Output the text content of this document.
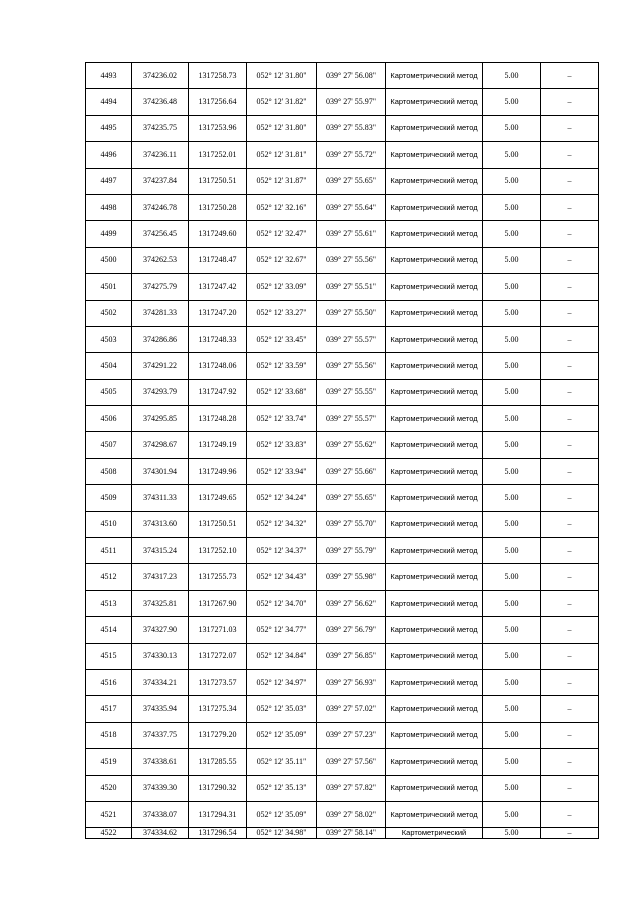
4493	374236.02	1317258.73	052° 12' 31.80"	039° 27' 56.08"	Картометрический метод	5.00	–
4494	374236.48	1317256.64	052° 12' 31.82"	039° 27' 55.97"	Картометрический метод	5.00	–
4495	374235.75	1317253.96	052° 12' 31.80"	039° 27' 55.83"	Картометрический метод	5.00	–
4496	374236.11	1317252.01	052° 12' 31.81"	039° 27' 55.72"	Картометрический метод	5.00	–
4497	374237.84	1317250.51	052° 12' 31.87"	039° 27' 55.65"	Картометрический метод	5.00	–
4498	374246.78	1317250.28	052° 12' 32.16"	039° 27' 55.64"	Картометрический метод	5.00	–
4499	374256.45	1317249.60	052° 12' 32.47"	039° 27' 55.61"	Картометрический метод	5.00	–
4500	374262.53	1317248.47	052° 12' 32.67"	039° 27' 55.56"	Картометрический метод	5.00	–
4501	374275.79	1317247.42	052° 12' 33.09"	039° 27' 55.51"	Картометрический метод	5.00	–
4502	374281.33	1317247.20	052° 12' 33.27"	039° 27' 55.50"	Картометрический метод	5.00	–
4503	374286.86	1317248.33	052° 12' 33.45"	039° 27' 55.57"	Картометрический метод	5.00	–
4504	374291.22	1317248.06	052° 12' 33.59"	039° 27' 55.56"	Картометрический метод	5.00	–
4505	374293.79	1317247.92	052° 12' 33.68"	039° 27' 55.55"	Картометрический метод	5.00	–
4506	374295.85	1317248.28	052° 12' 33.74"	039° 27' 55.57"	Картометрический метод	5.00	–
4507	374298.67	1317249.19	052° 12' 33.83"	039° 27' 55.62"	Картометрический метод	5.00	–
4508	374301.94	1317249.96	052° 12' 33.94"	039° 27' 55.66"	Картометрический метод	5.00	–
4509	374311.33	1317249.65	052° 12' 34.24"	039° 27' 55.65"	Картометрический метод	5.00	–
4510	374313.60	1317250.51	052° 12' 34.32"	039° 27' 55.70"	Картометрический метод	5.00	–
4511	374315.24	1317252.10	052° 12' 34.37"	039° 27' 55.79"	Картометрический метод	5.00	–
4512	374317.23	1317255.73	052° 12' 34.43"	039° 27' 55.98"	Картометрический метод	5.00	–
4513	374325.81	1317267.90	052° 12' 34.70"	039° 27' 56.62"	Картометрический метод	5.00	–
4514	374327.90	1317271.03	052° 12' 34.77"	039° 27' 56.79"	Картометрический метод	5.00	–
4515	374330.13	1317272.07	052° 12' 34.84"	039° 27' 56.85"	Картометрический метод	5.00	–
4516	374334.21	1317273.57	052° 12' 34.97"	039° 27' 56.93"	Картометрический метод	5.00	–
4517	374335.94	1317275.34	052° 12' 35.03"	039° 27' 57.02"	Картометрический метод	5.00	–
4518	374337.75	1317279.20	052° 12' 35.09"	039° 27' 57.23"	Картометрический метод	5.00	–
4519	374338.61	1317285.55	052° 12' 35.11"	039° 27' 57.56"	Картометрический метод	5.00	–
4520	374339.30	1317290.32	052° 12' 35.13"	039° 27' 57.82"	Картометрический метод	5.00	–
4521	374338.07	1317294.31	052° 12' 35.09"	039° 27' 58.02"	Картометрический метод	5.00	–
4522	374334.62	1317296.54	052° 12' 34.98"	039° 27' 58.14"	Картометрический	5.00	–
